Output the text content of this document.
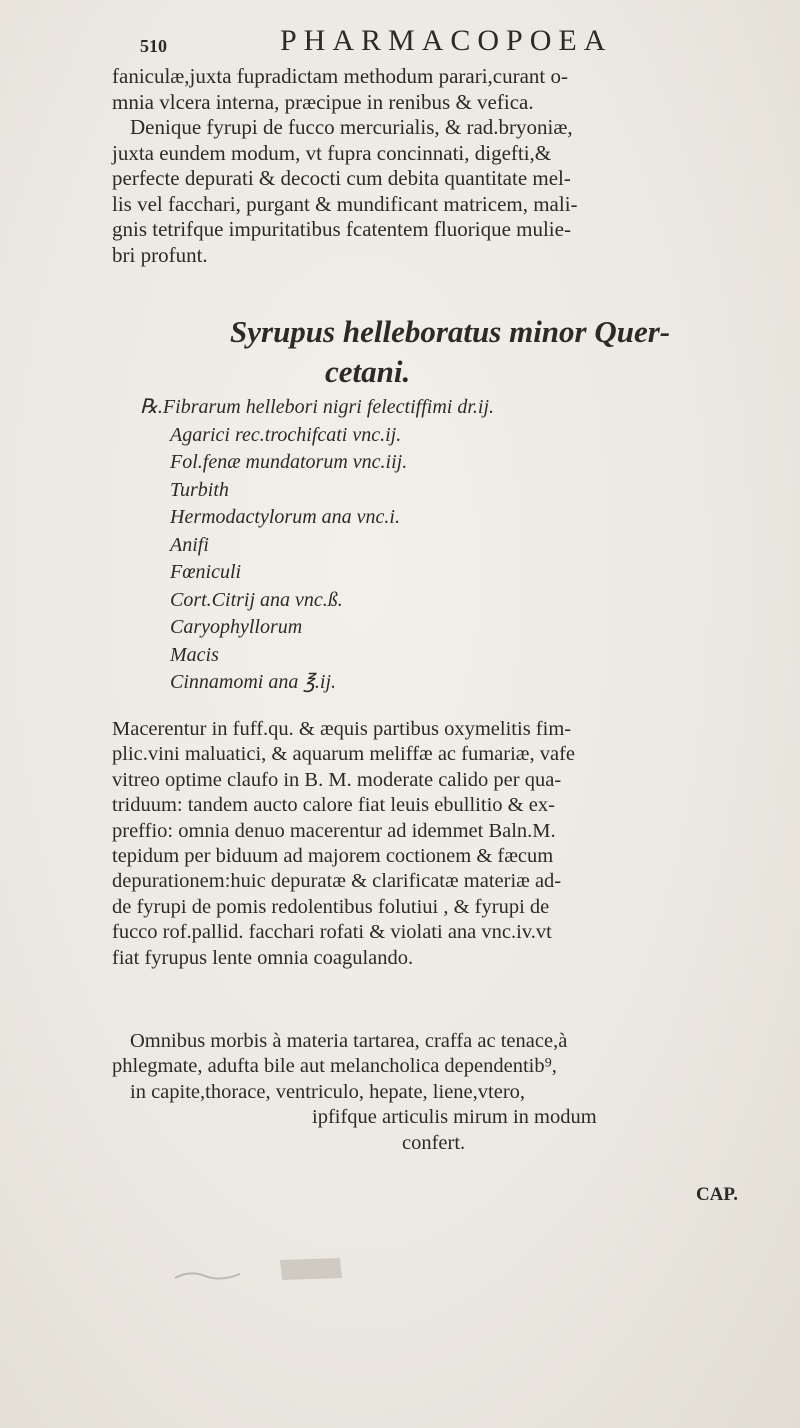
510	PHARMACOPOEA
faniculæ,juxta fupradictam methodum parari,curant o-
mnia vlcera interna, præcipue in renibus & vefica.
Denique fyrupi de fucco mercurialis, & rad.bryoniæ,
juxta eundem modum, vt fupra concinnati, digefti,&
perfecte depurati & decocti cum debita quantitate mel-
lis vel facchari, purgant & mundificant matricem, mali-
gnis tetrifque impuritatibus fcatentem fluorique mulie-
bri profunt.
Syrupus helleboratus minor Quer-
cetani.
℞.Fibrarum hellebori nigri felectiffimi dr.ij.
Agarici rec.trochifcati vnc.ij.
Fol.fenæ mundatorum vnc.iij.
Turbith
Hermodactylorum ana vnc.i.
Anifi
Fœniculi
Cort.Citrij ana vnc.ß.
Caryophyllorum
Macis
Cinnamomi ana ℥.ij.
Macerentur in fuff.qu. & æquis partibus oxymelitis fim-
plic.vini maluatici, & aquarum meliffæ ac fumariæ, vafe
vitreo optime claufo in B. M. moderate calido per qua-
triduum: tandem aucto calore fiat leuis ebullitio & ex-
preffio: omnia denuo macerentur ad idemmet Baln.M.
tepidum per biduum ad majorem coctionem & fæcum
depurationem:huic depuratæ & clarificatæ materiæ ad-
de fyrupi de pomis redolentibus folutiui , & fyrupi de
fucco rof.pallid. facchari rofati & violati ana vnc.iv.vt
fiat fyrupus lente omnia coagulando.
Omnibus morbis à materia tartarea, craffa ac tenace,à
phlegmate, adufta bile aut melancholica dependentib⁹,
in capite,thorace, ventriculo, hepate, liene,vtero,
ipfifque articulis mirum in modum
confert.
CAP.
